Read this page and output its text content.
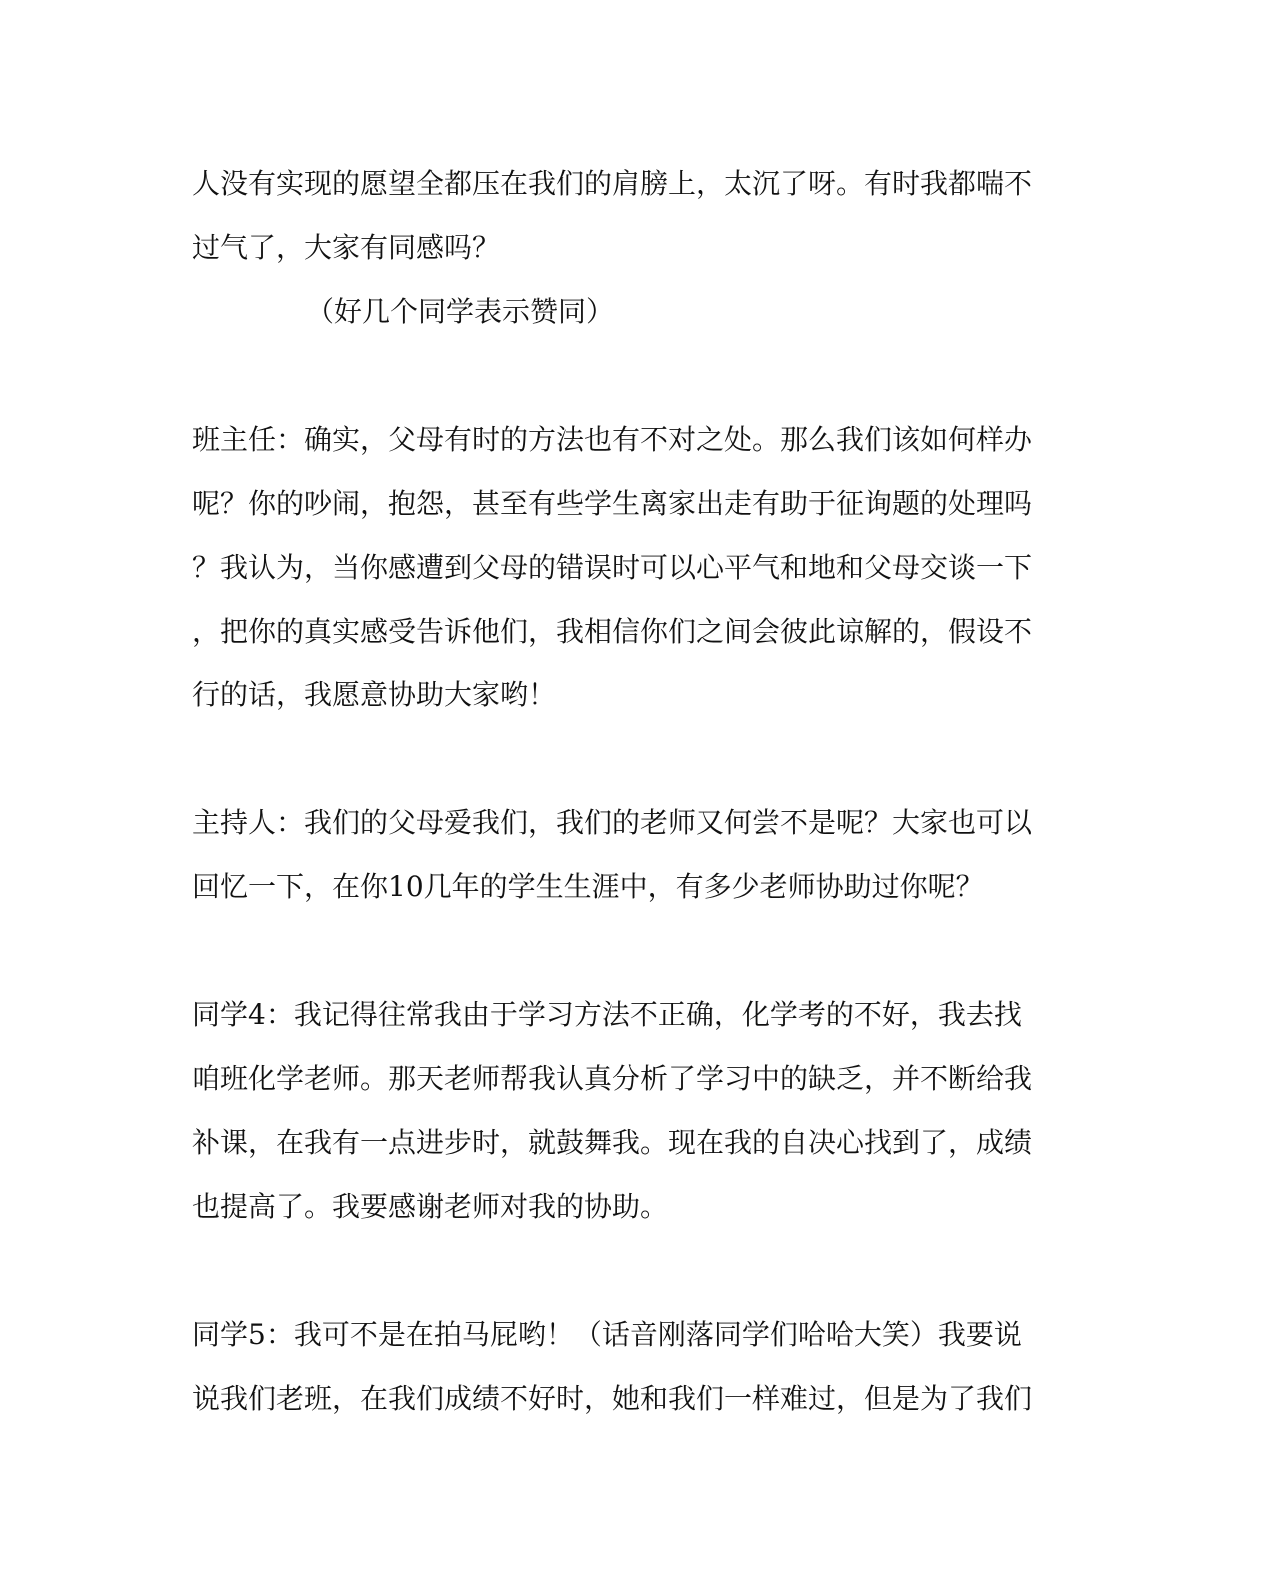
人没有实现的愿望全都压在我们的肩膀上，太沉了呀。有时我都喘不
过气了，大家有同感吗？
（好几个同学表示赞同）
班主任：确实，父母有时的方法也有不对之处。那么我们该如何样办
呢？你的吵闹，抱怨，甚至有些学生离家出走有助于征询题的处理吗
？我认为，当你感遭到父母的错误时可以心平气和地和父母交谈一下
，把你的真实感受告诉他们，我相信你们之间会彼此谅解的，假设不
行的话，我愿意协助大家哟！
主持人：我们的父母爱我们，我们的老师又何尝不是呢？大家也可以
回忆一下，在你10几年的学生生涯中，有多少老师协助过你呢？
同学4：我记得往常我由于学习方法不正确，化学考的不好，我去找
咱班化学老师。那天老师帮我认真分析了学习中的缺乏，并不断给我
补课，在我有一点进步时，就鼓舞我。现在我的自决心找到了，成绩
也提高了。我要感谢老师对我的协助。
同学5：我可不是在拍马屁哟！（话音刚落同学们哈哈大笑）我要说
说我们老班，在我们成绩不好时，她和我们一样难过，但是为了我们
